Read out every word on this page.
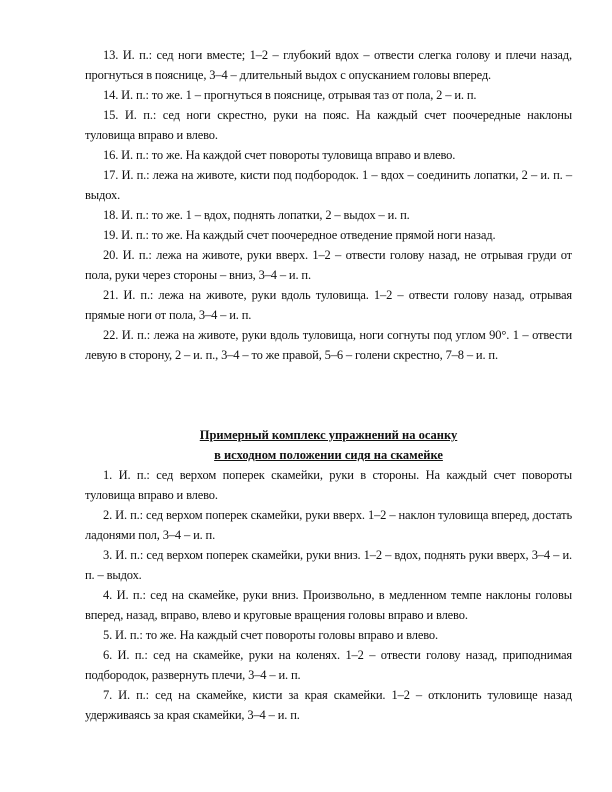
13. И. п.: сед ноги вместе; 1–2 – глубокий вдох – отвести слегка голову и плечи назад, прогнуться в пояснице, 3–4 – длительный выдох с опусканием головы вперед.

14. И. п.: то же. 1 – прогнуться в пояснице, отрывая таз от пола, 2 – и. п.

15. И. п.: сед ноги скрестно, руки на пояс. На каждый счет поочередные наклоны туловища вправо и влево.

16. И. п.: то же. На каждой счет повороты туловища вправо и влево.

17. И. п.: лежа на животе, кисти под подбородок. 1 – вдох – соединить лопатки, 2 – и. п. – выдох.

18. И. п.: то же. 1 – вдох, поднять лопатки, 2 – выдох – и. п.

19. И. п.: то же. На каждый счет поочередное отведение прямой ноги назад.

20. И. п.: лежа на животе, руки вверх. 1–2 – отвести голову назад, не отрывая груди от пола, руки через стороны – вниз, 3–4 – и. п.

21. И. п.: лежа на животе, руки вдоль туловища. 1–2 – отвести голову назад, отрывая прямые ноги от пола, 3–4 – и. п.

22. И. п.: лежа на животе, руки вдоль туловища, ноги согнуты под углом 90°. 1 – отвести левую в сторону, 2 – и. п., 3–4 – то же правой, 5–6 – голени скрестно, 7–8 – и. п.

Примерный комплекс упражнений на осанку
в исходном положении сидя на скамейке

1. И. п.: сед верхом поперек скамейки, руки в стороны. На каждый счет повороты туловища вправо и влево.

2. И. п.: сед верхом поперек скамейки, руки вверх. 1–2 – наклон туловища вперед, достать ладонями пол, 3–4 – и. п.

3. И. п.: сед верхом поперек скамейки, руки вниз. 1–2 – вдох, поднять руки вверх, 3–4 – и. п. – выдох.

4. И. п.: сед на скамейке, руки вниз. Произвольно, в медленном темпе наклоны головы вперед, назад, вправо, влево и круговые вращения головы вправо и влево.

5. И. п.: то же. На каждый счет повороты головы вправо и влево.

6. И. п.: сед на скамейке, руки на коленях. 1–2 – отвести голову назад, приподнимая подбородок, развернуть плечи, 3–4 – и. п.

7. И. п.: сед на скамейке, кисти за края скамейки. 1–2 – отклонить туловище назад удерживаясь за края скамейки, 3–4 – и. п.
